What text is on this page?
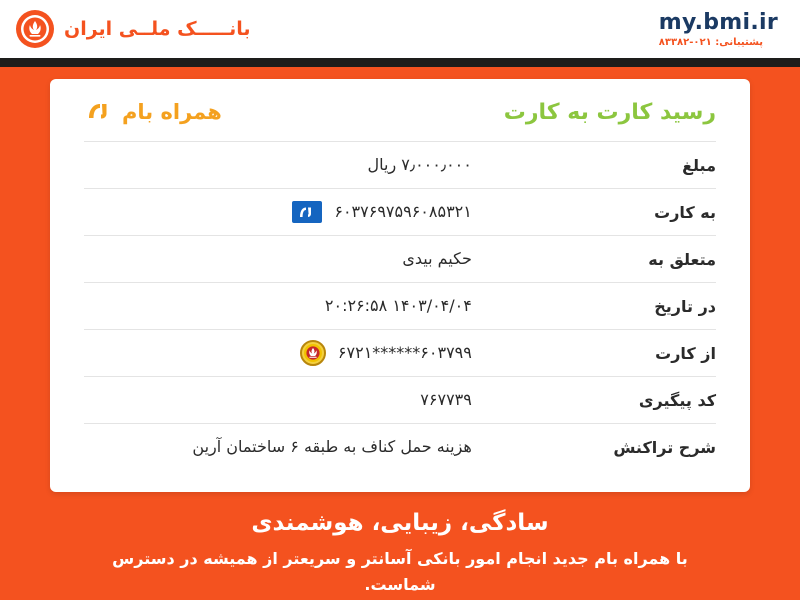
my.bmi.ir
پشتیبانی: ۰۲۱-۸۳۳۸۲
بانـــــک ملــی ایران
رسید کارت به کارت
همراه بام
مبلغ
۷٫۰۰۰٫۰۰۰ ریال
به کارت
۶۰۳۷۶۹۷۵۹۶۰۸۵۳۲۱
متعلق به
حکیم بیدی
در تاریخ
۱۴۰۳/۰۴/۰۴ ۲۰:۲۶:۵۸
از کارت
۶۰۳۷۹۹******۶۷۲۱
کد پیگیری
۷۶۷۷۳۹
شرح تراکنش
هزینه حمل کناف به طبقه ۶ ساختمان آرین
سادگی، زیبایی، هوشمندی
با همراه بام جدید انجام امور بانکی آسانتر و سریعتر از همیشه در دسترس شماست.
